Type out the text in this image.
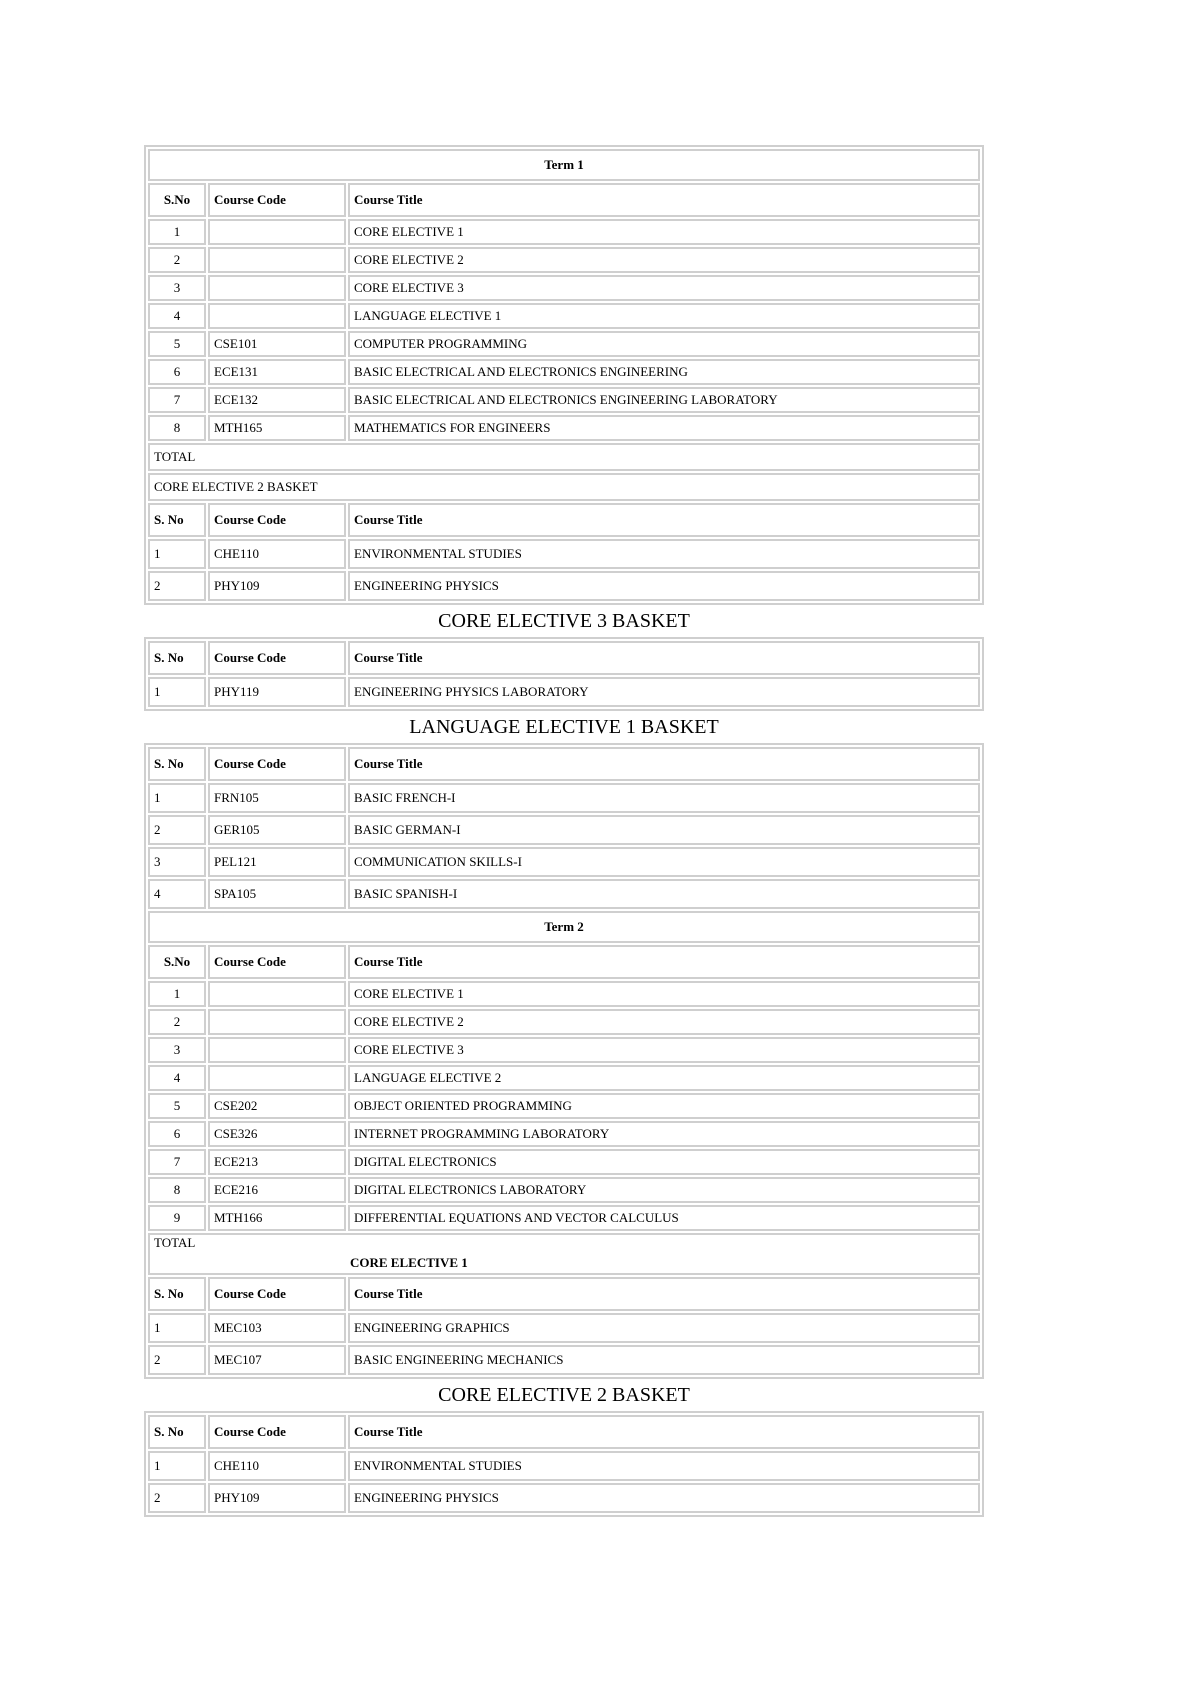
Term 1		
S.No	Course Code	Course Title
1		CORE ELECTIVE 1
2		CORE ELECTIVE 2
3		CORE ELECTIVE 3
4		LANGUAGE ELECTIVE 1
5	CSE101	COMPUTER PROGRAMMING
6	ECE131	BASIC ELECTRICAL AND ELECTRONICS ENGINEERING
7	ECE132	BASIC ELECTRICAL AND ELECTRONICS ENGINEERING LABORATORY
8	MTH165	MATHEMATICS FOR ENGINEERS
TOTAL		
CORE ELECTIVE 2 BASKET		
S. No	Course Code	Course Title
1	CHE110	ENVIRONMENTAL STUDIES
2	PHY109	ENGINEERING PHYSICS
CORE ELECTIVE 3 BASKET
S. No	Course Code	Course Title
1	PHY119	ENGINEERING PHYSICS LABORATORY
LANGUAGE ELECTIVE 1 BASKET
S. No	Course Code	Course Title
1	FRN105	BASIC FRENCH-I
2	GER105	BASIC GERMAN-I
3	PEL121	COMMUNICATION SKILLS-I
4	SPA105	BASIC SPANISH-I
Term 2		
S.No	Course Code	Course Title
1		CORE ELECTIVE 1
2		CORE ELECTIVE 2
3		CORE ELECTIVE 3
4		LANGUAGE ELECTIVE 2
5	CSE202	OBJECT ORIENTED PROGRAMMING
6	CSE326	INTERNET PROGRAMMING LABORATORY
7	ECE213	DIGITAL ELECTRONICS
8	ECE216	DIGITAL ELECTRONICS LABORATORY
9	MTH166	DIFFERENTIAL EQUATIONS AND VECTOR CALCULUS
TOTAL
CORE ELECTIVE 1		

S. No	Course Code	Course Title
1	MEC103	ENGINEERING GRAPHICS
2	MEC107	BASIC ENGINEERING MECHANICS
CORE ELECTIVE 2 BASKET
S. No	Course Code	Course Title
1	CHE110	ENVIRONMENTAL STUDIES
2	PHY109	ENGINEERING PHYSICS
